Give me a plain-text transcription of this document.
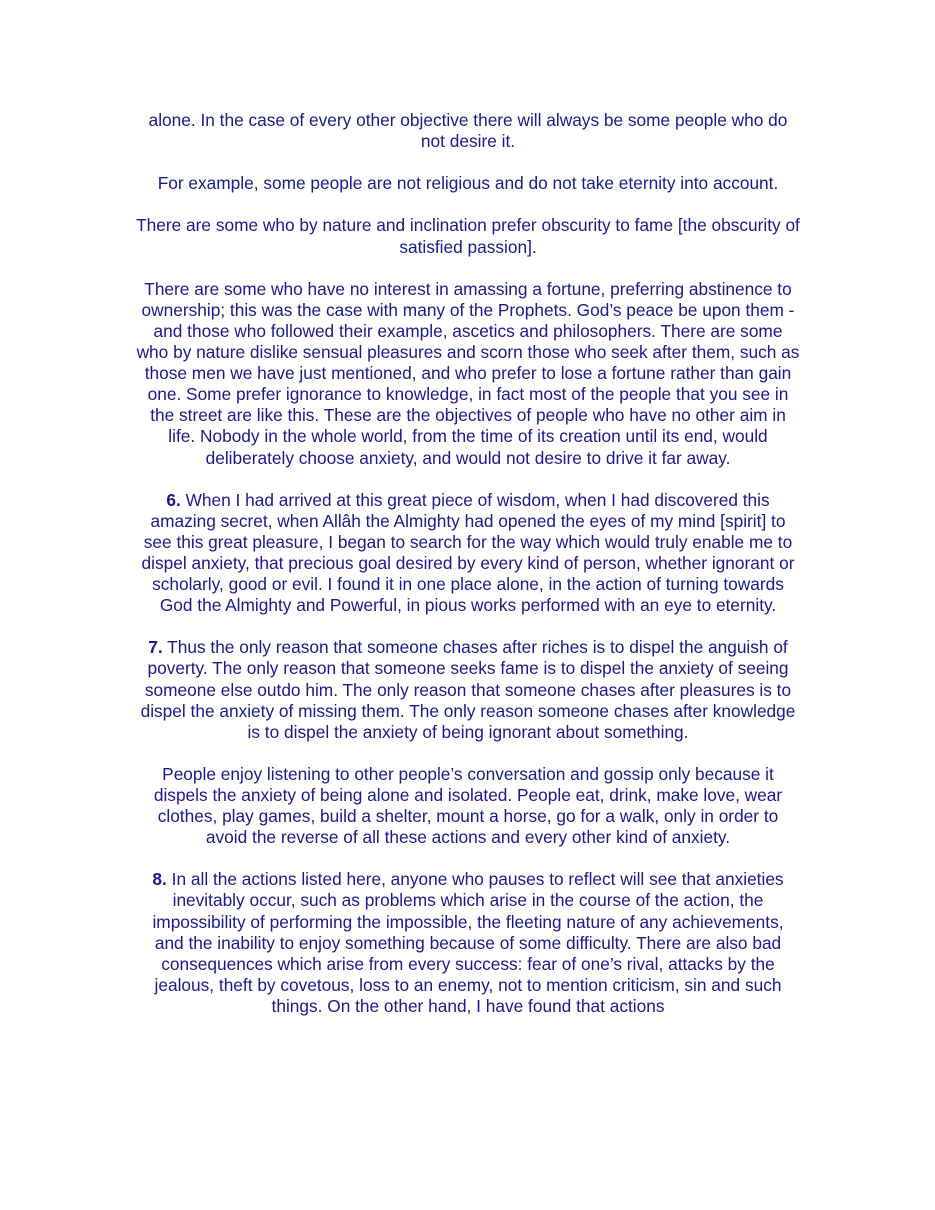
alone. In the case of every other objective there will always be some people who do not desire it.

For example, some people are not religious and do not take eternity into account.

There are some who by nature and inclination prefer obscurity to fame [the obscurity of satisfied passion].

There are some who have no interest in amassing a fortune, preferring abstinence to ownership; this was the case with many of the Prophets. God’s peace be upon them - and those who followed their example, ascetics and philosophers. There are some who by nature dislike sensual pleasures and scorn those who seek after them, such as those men we have just mentioned, and who prefer to lose a fortune rather than gain one. Some prefer ignorance to knowledge, in fact most of the people that you see in the street are like this. These are the objectives of people who have no other aim in life. Nobody in the whole world, from the time of its creation until its end, would deliberately choose anxiety, and would not desire to drive it far away.

6. When I had arrived at this great piece of wisdom, when I had discovered this amazing secret, when Allâh the Almighty had opened the eyes of my mind [spirit] to see this great pleasure, I began to search for the way which would truly enable me to dispel anxiety, that precious goal desired by every kind of person, whether ignorant or scholarly, good or evil. I found it in one place alone, in the action of turning towards God the Almighty and Powerful, in pious works performed with an eye to eternity.

7. Thus the only reason that someone chases after riches is to dispel the anguish of poverty. The only reason that someone seeks fame is to dispel the anxiety of seeing someone else outdo him. The only reason that someone chases after pleasures is to dispel the anxiety of missing them. The only reason someone chases after knowledge is to dispel the anxiety of being ignorant about something.

People enjoy listening to other people’s conversation and gossip only because it dispels the anxiety of being alone and isolated. People eat, drink, make love, wear clothes, play games, build a shelter, mount a horse, go for a walk, only in order to avoid the reverse of all these actions and every other kind of anxiety.

8. In all the actions listed here, anyone who pauses to reflect will see that anxieties inevitably occur, such as problems which arise in the course of the action, the impossibility of performing the impossible, the fleeting nature of any achievements, and the inability to enjoy something because of some difficulty. There are also bad consequences which arise from every success: fear of one’s rival, attacks by the jealous, theft by covetous, loss to an enemy, not to mention criticism, sin and such things. On the other hand, I have found that actions
